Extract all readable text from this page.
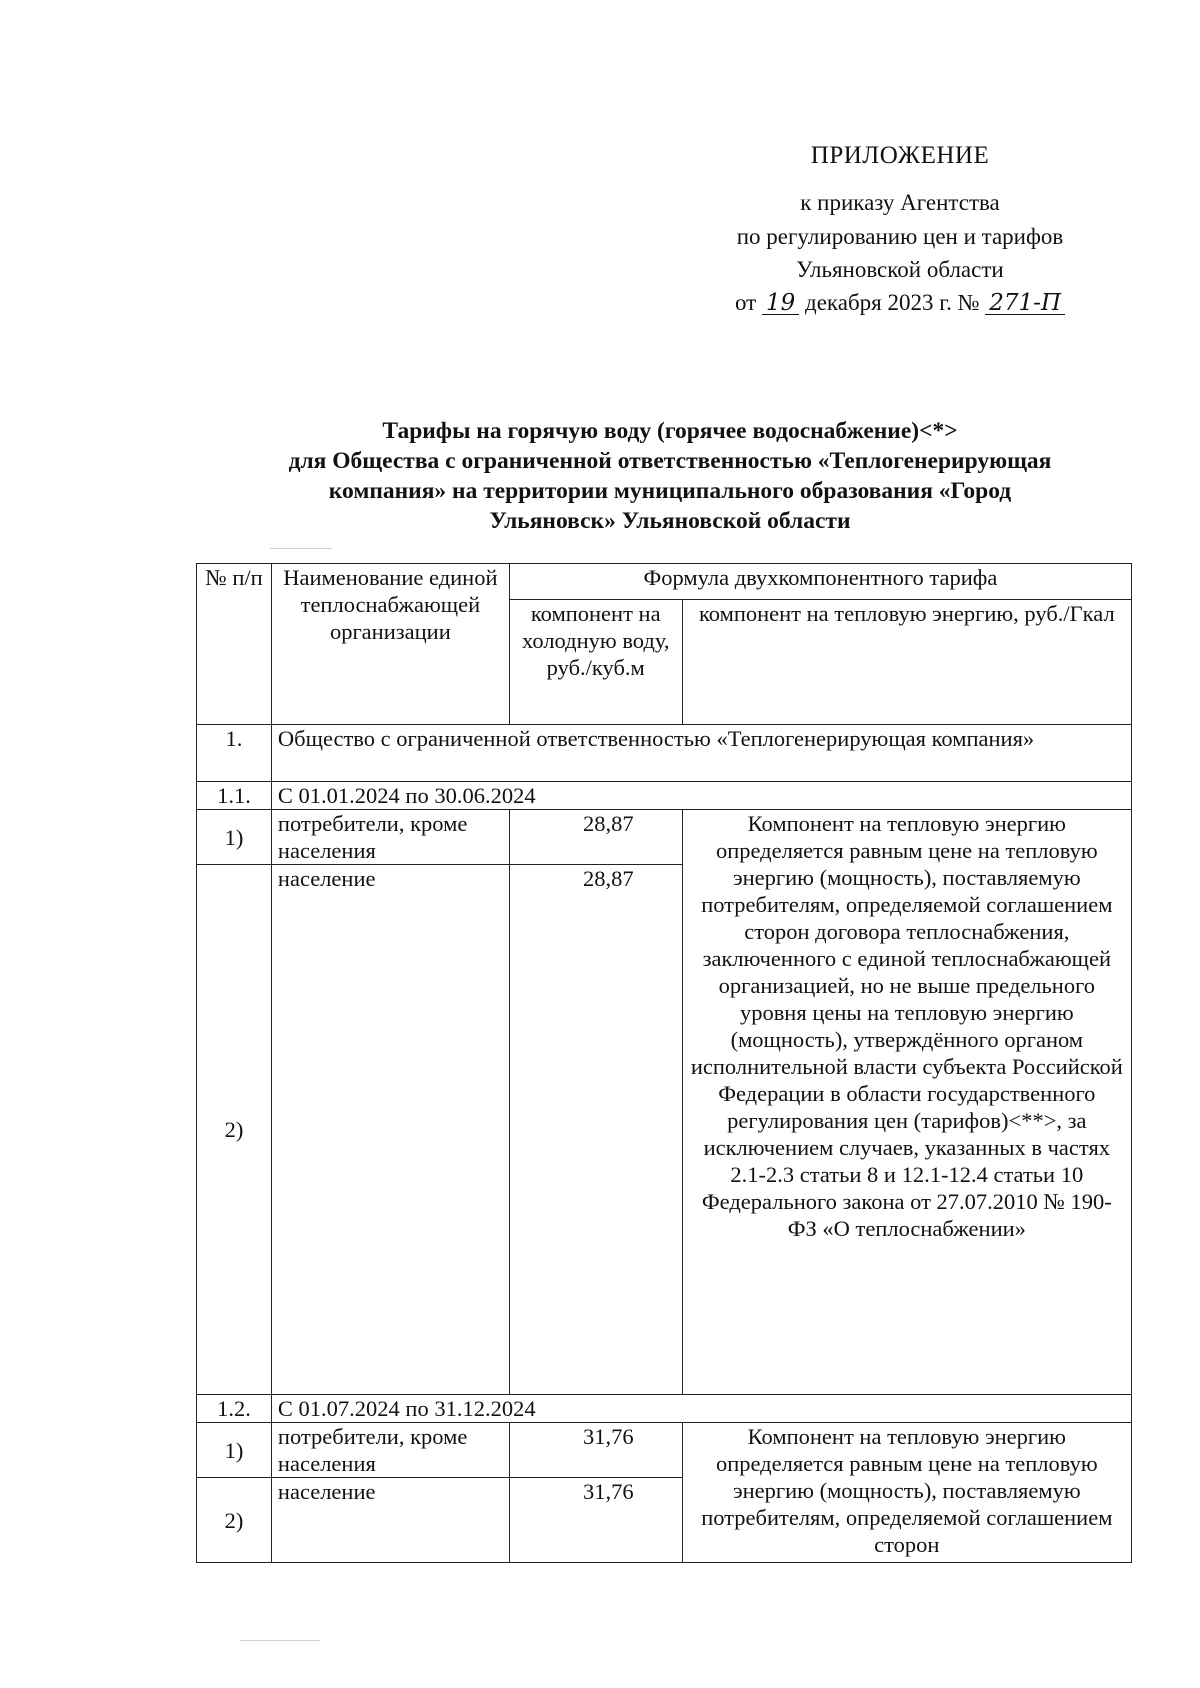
ПРИЛОЖЕНИЕ
к приказу Агентства
по регулированию цен и тарифов
Ульяновской области
от 19 декабря 2023 г. № 271-П
Тарифы на горячую воду (горячее водоснабжение)<*>
для Общества с ограниченной ответственностью «Теплогенерирующая
компания» на территории муниципального образования «Город
Ульяновск» Ульяновской области
№ п/п	Наименование единой теплоснабжающей организации	Формула двухкомпонентного тарифа	
		компонент на холодную воду, руб./куб.м	компонент на тепловую энергию, руб./Гкал
1.	Общество с ограниченной ответственностью «Теплогенерирующая компания»		
1.1.	С 01.01.2024 по 30.06.2024		
1)	потребители, кроме населения	28,87	Компонент на тепловую энергию определяется равным цене на тепловую энергию (мощность), поставляемую потребителям, определяемой соглашением сторон договора теплоснабжения, заключенного с единой теплоснабжающей организацией, но не выше предельного уровня цены на тепловую энергию (мощность), утверждённого органом исполнительной власти субъекта Российской Федерации в области государственного регулирования цен (тарифов)<**>, за исключением случаев, указанных в частях 2.1-2.3 статьи 8 и 12.1-12.4 статьи 10 Федерального закона от 27.07.2010 № 190-ФЗ «О теплоснабжении»
2)	население	28,87	
1.2.	С 01.07.2024 по 31.12.2024		
1)	потребители, кроме населения	31,76	Компонент на тепловую энергию определяется равным цене на тепловую энергию (мощность), поставляемую потребителям, определяемой соглашением сторон
2)	население	31,76	
